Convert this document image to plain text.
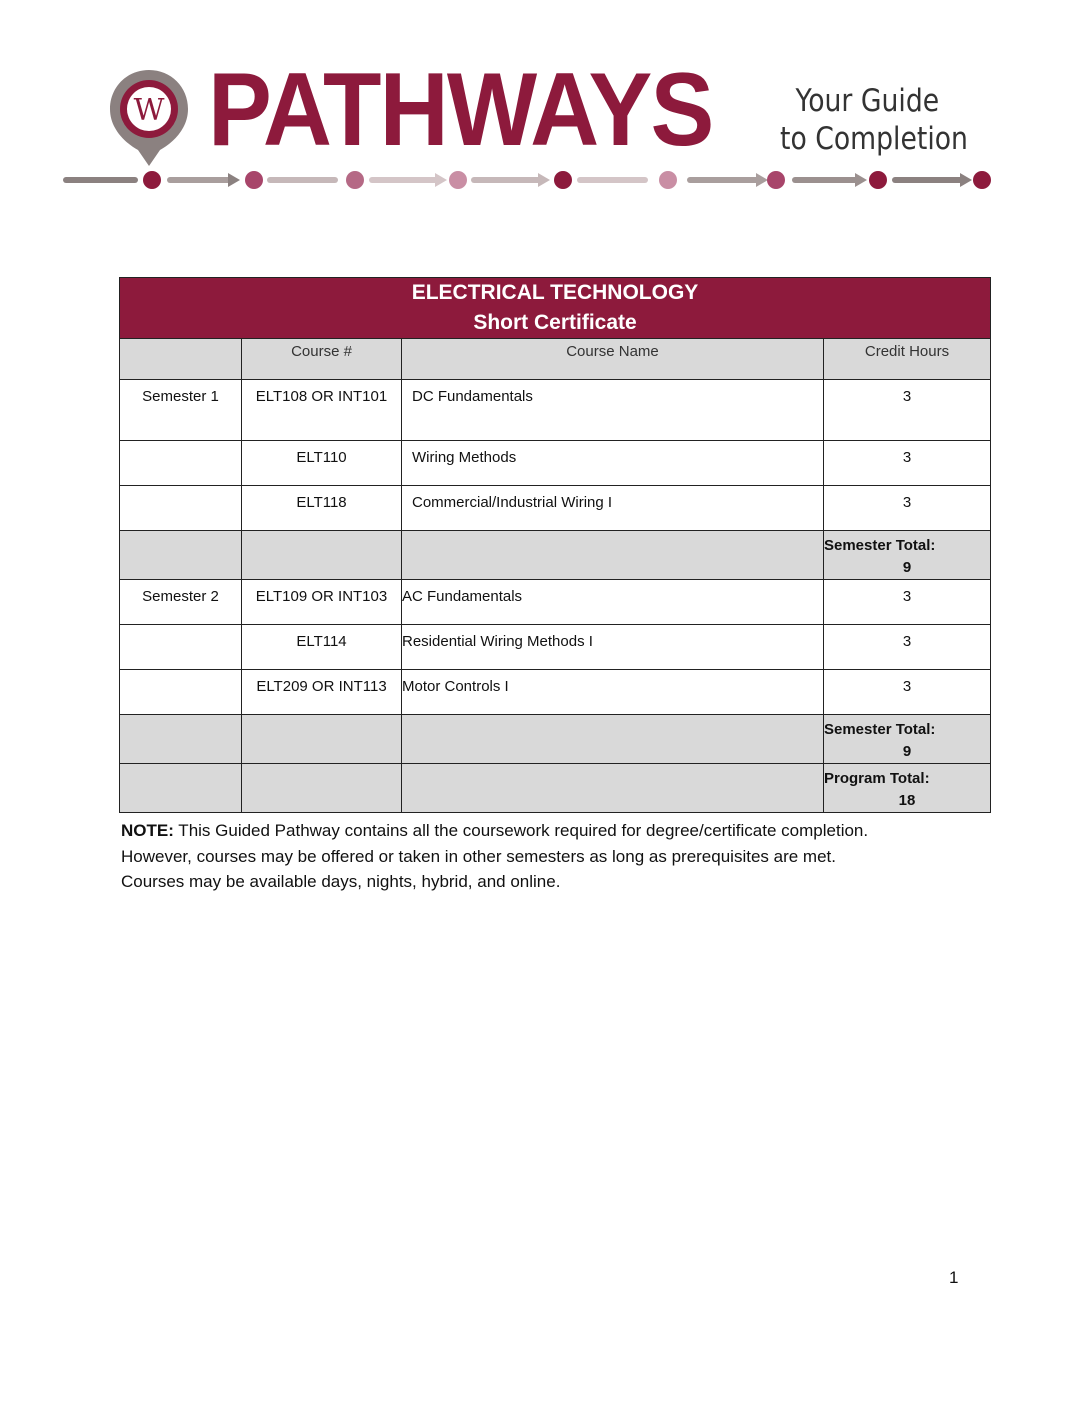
W PATHWAYS	Your Guide
to Completion
ELECTRICAL TECHNOLOGY
Short Certificate			

	Course #	Course Name	Credit Hours
Semester 1	ELT108 OR INT101	DC Fundamentals	3
	ELT110	Wiring Methods	3
	ELT118	Commercial/Industrial Wiring I	3
			Semester Total:
9

Semester 2	ELT109 OR INT103	AC Fundamentals	3
	ELT114	Residential Wiring Methods I	3
	ELT209 OR INT113	Motor Controls I	3
			Semester Total:
9

			Program Total:
18
NOTE: This Guided Pathway contains all the coursework required for degree/certificate completion.
However, courses may be offered or taken in other semesters as long as prerequisites are met.
Courses may be available days, nights, hybrid, and online.
1
